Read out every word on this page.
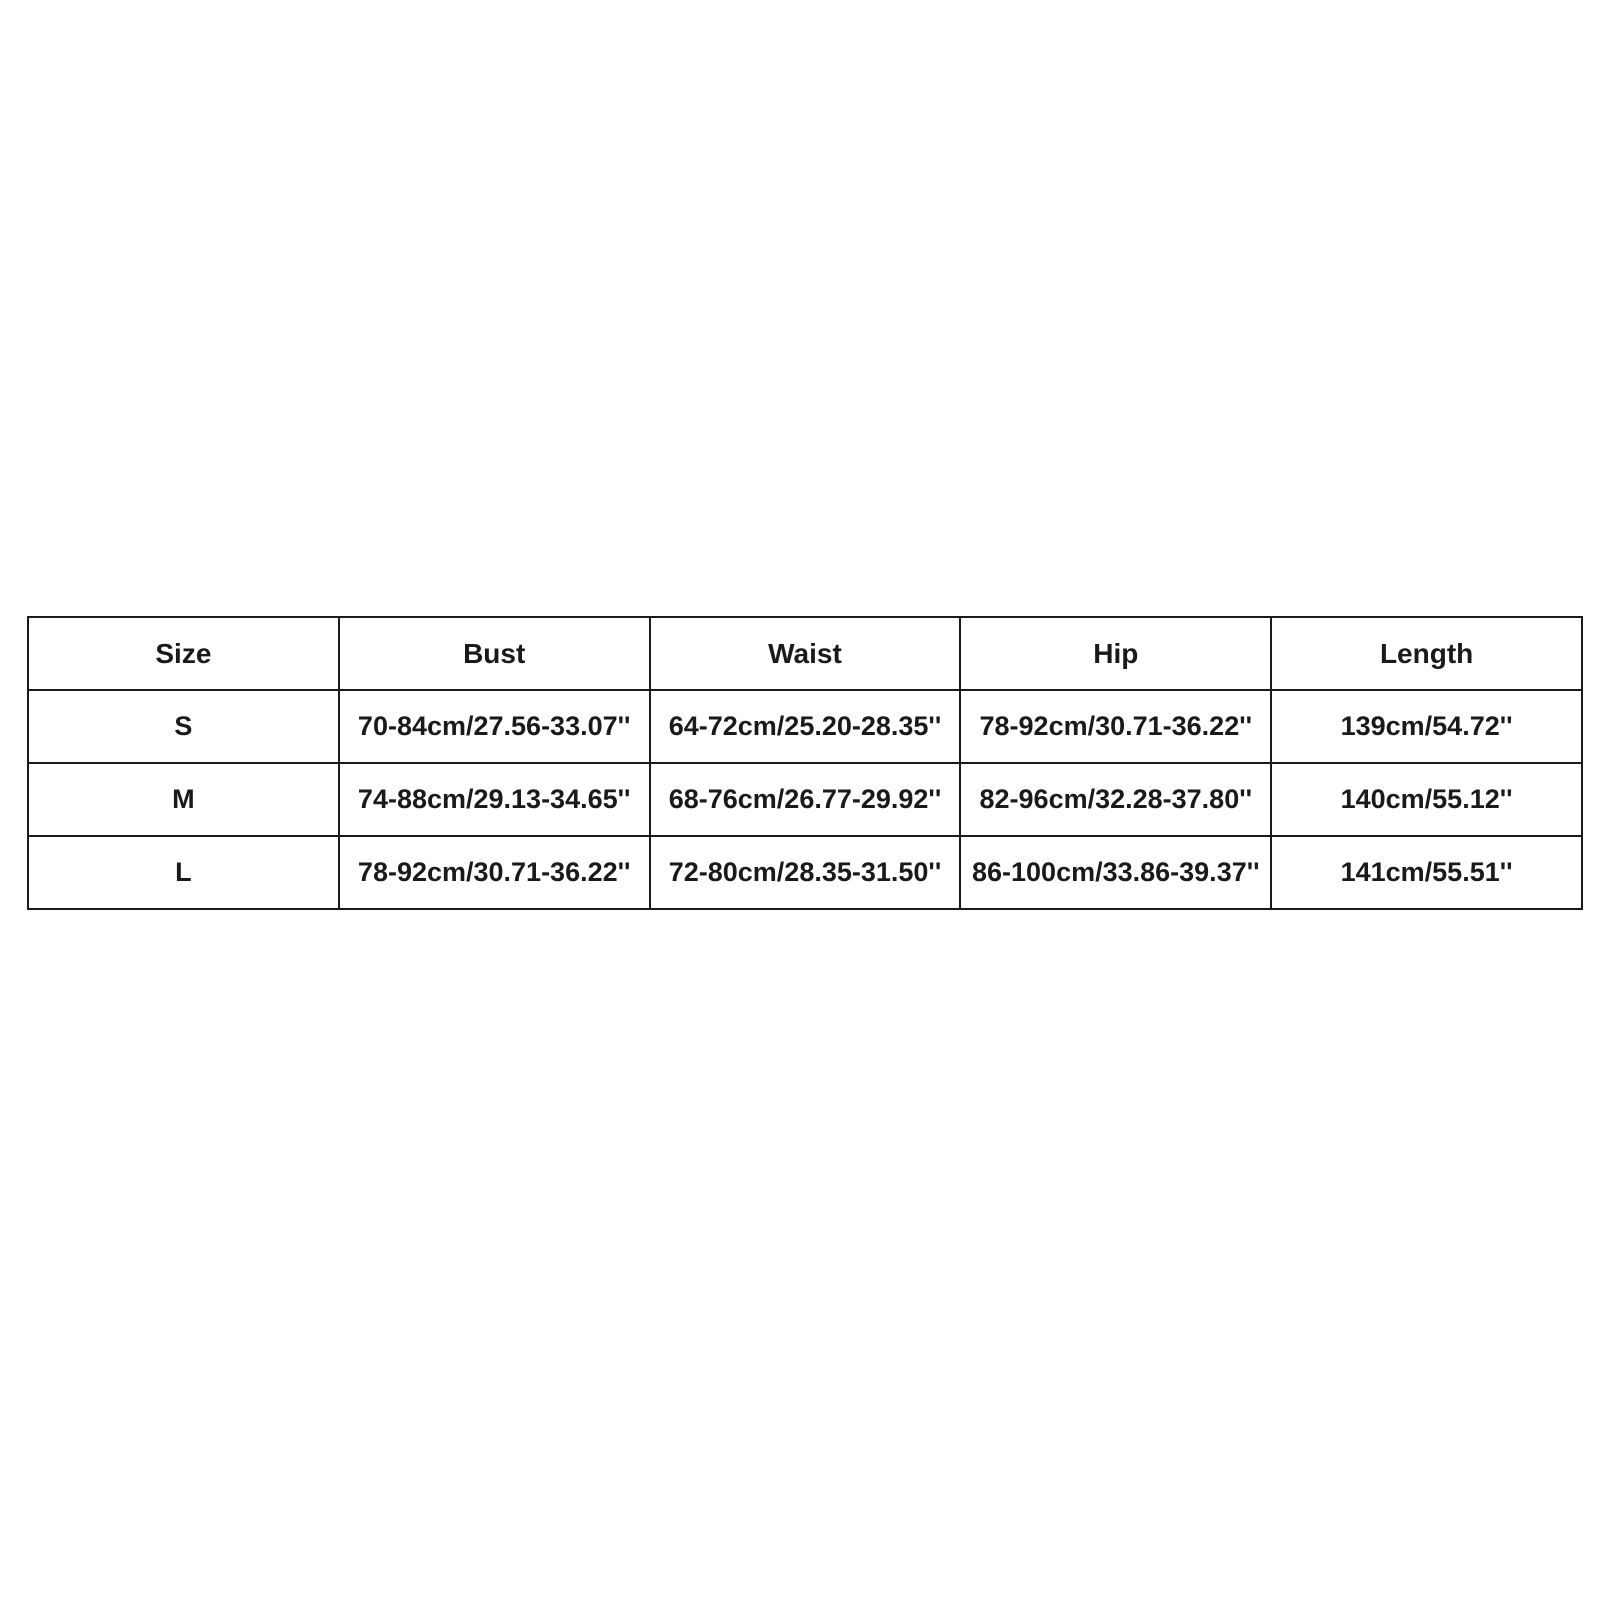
Size	Bust	Waist	Hip	Length
S	70-84cm/27.56-33.07''	64-72cm/25.20-28.35''	78-92cm/30.71-36.22''	139cm/54.72''
M	74-88cm/29.13-34.65''	68-76cm/26.77-29.92''	82-96cm/32.28-37.80''	140cm/55.12''
L	78-92cm/30.71-36.22''	72-80cm/28.35-31.50''	86-100cm/33.86-39.37''	141cm/55.51''
